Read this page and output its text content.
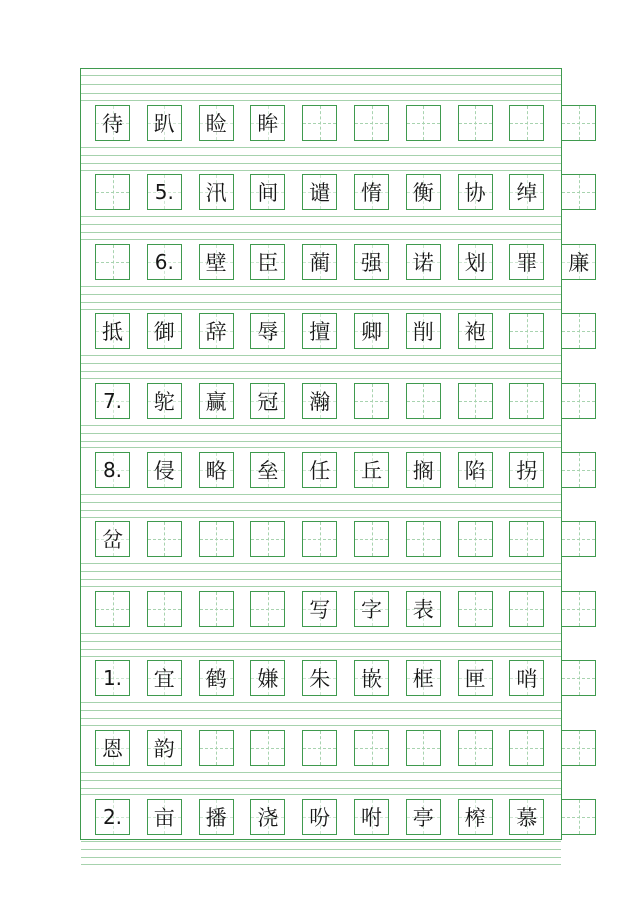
待 趴 睑 眸
5.	汛 间 谴 惰 衡 协 绰
6.	壁 臣 蔺 强 诺 划 罪 廉
抵 御 辞 辱 擅 卿 削 袍
7.	鸵 赢 冠 瀚
8.	侵 略 垒 任 丘 搁 陷 拐
岔
写 字 表
1.	宜 鹤 嫌 朱 嵌 框 匣 哨
恩 韵
2.	亩 播 浇 吩 咐 亭 榨 慕
